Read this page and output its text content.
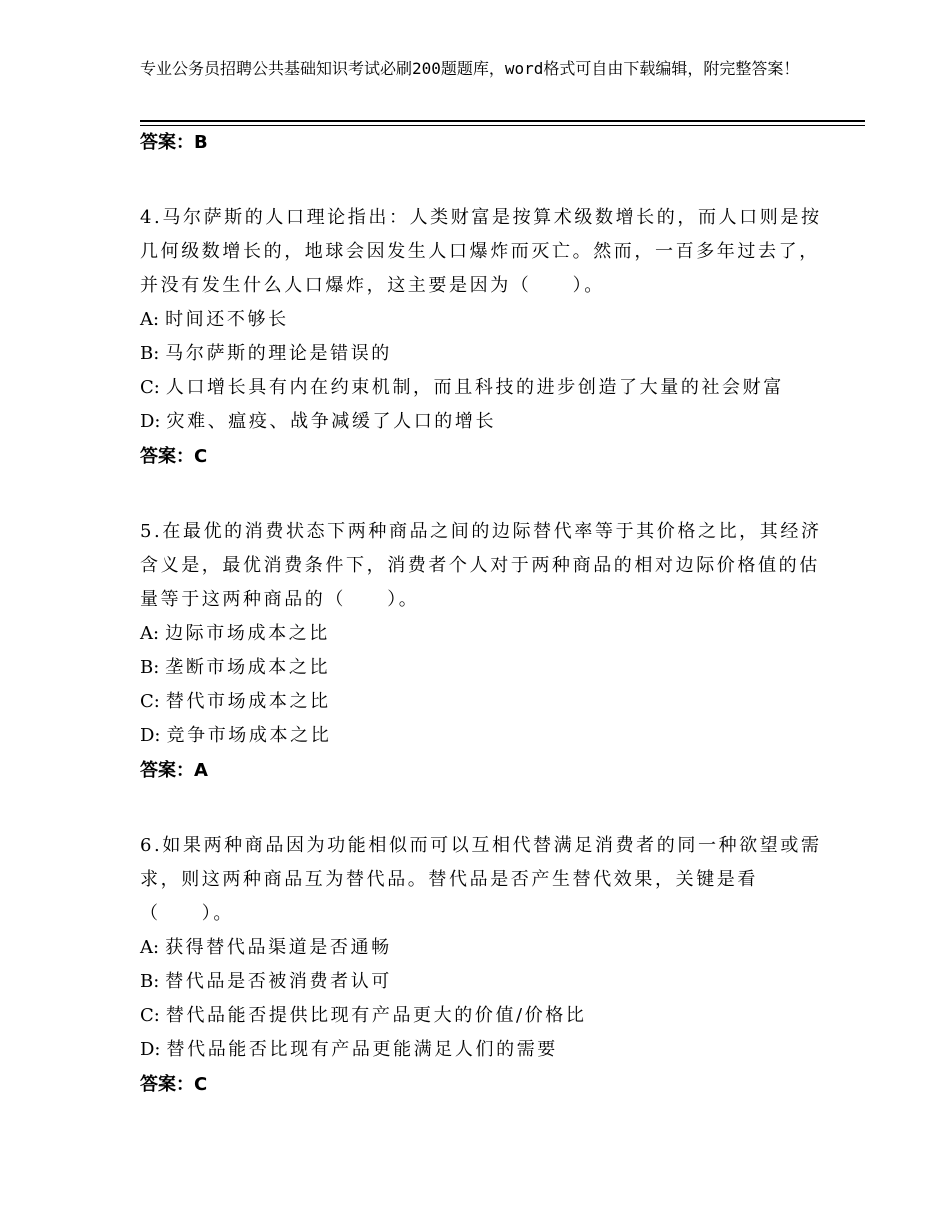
专业公务员招聘公共基础知识考试必刷200题题库，word格式可自由下载编辑，附完整答案！
答案：B
4.马尔萨斯的人口理论指出：人类财富是按算术级数增长的，而人口则是按几何级数增长的，地球会因发生人口爆炸而灭亡。然而，一百多年过去了，并没有发生什么人口爆炸，这主要是因为（　　）。
A: 时间还不够长
B: 马尔萨斯的理论是错误的
C: 人口增长具有内在约束机制，而且科技的进步创造了大量的社会财富
D: 灾难、瘟疫、战争减缓了人口的增长
答案：C
5.在最优的消费状态下两种商品之间的边际替代率等于其价格之比，其经济含义是，最优消费条件下，消费者个人对于两种商品的相对边际价格值的估量等于这两种商品的（　　）。
A: 边际市场成本之比
B: 垄断市场成本之比
C: 替代市场成本之比
D: 竞争市场成本之比
答案：A
6.如果两种商品因为功能相似而可以互相代替满足消费者的同一种欲望或需求，则这两种商品互为替代品。替代品是否产生替代效果，关键是看（　　）。
A: 获得替代品渠道是否通畅
B: 替代品是否被消费者认可
C: 替代品能否提供比现有产品更大的价值/价格比
D: 替代品能否比现有产品更能满足人们的需要
答案：C
